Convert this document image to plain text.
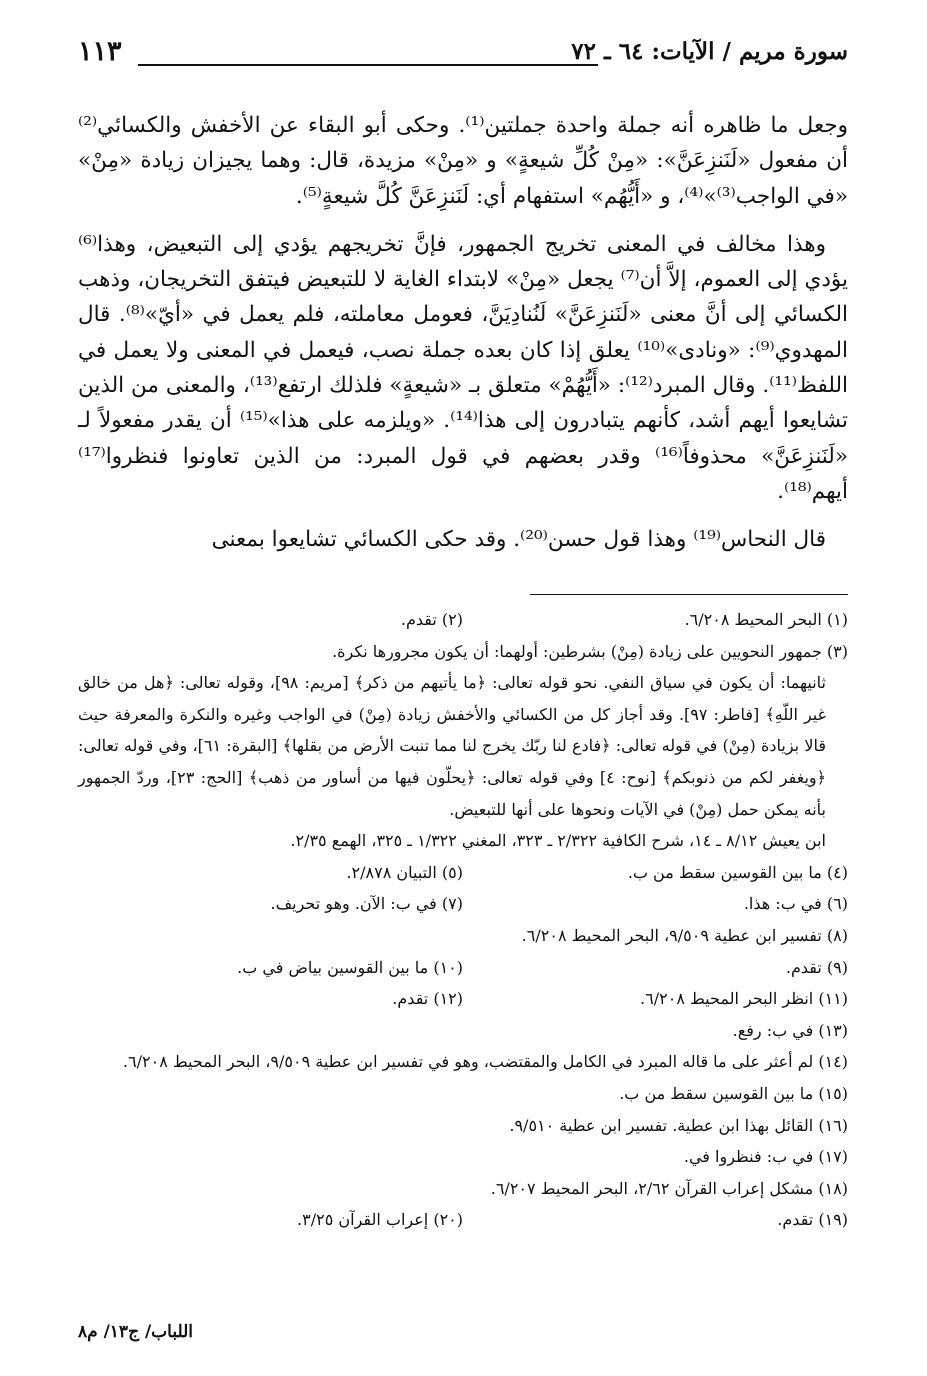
سورة مريم / الآيات: ٦٤ ـ ٧٢
١١٣

وجعل ما ظاهره أنه جملة واحدة جملتين⁽¹⁾. وحكى أبو البقاء عن الأخفش والكسائي⁽²⁾ أن مفعول «لَنَنزِعَنَّ»: «مِنْ كُلِّ شيعةٍ» و «مِنْ» مزيدة، قال: وهما يجيزان زيادة «مِنْ» «في الواجب⁽³⁾»⁽⁴⁾، و «أَيُّهُم» استفهام أي: لَنَنزِعَنَّ كُلَّ شيعةٍ⁽⁵⁾.

وهذا مخالف في المعنى تخريج الجمهور، فإنَّ تخريجهم يؤدي إلى التبعيض، وهذا⁽⁶⁾ يؤدي إلى العموم، إلاَّ أن⁽⁷⁾ يجعل «مِنْ» لابتداء الغاية لا للتبعيض فيتفق التخريجان، وذهب الكسائي إلى أنَّ معنى «لَنَنزِعَنَّ» لَنُنادِيَنَّ، فعومل معاملته، فلم يعمل في «أيّ»⁽⁸⁾. قال المهدوي⁽⁹⁾: «ونادى»⁽¹⁰⁾ يعلق إذا كان بعده جملة نصب، فيعمل في المعنى ولا يعمل في اللفظ⁽¹¹⁾. وقال المبرد⁽¹²⁾: «أَيُّهُمْ» متعلق بـ «شيعةٍ» فلذلك ارتفع⁽¹³⁾، والمعنى من الذين تشايعوا أيهم أشد، كأنهم يتبادرون إلى هذا⁽¹⁴⁾. «ويلزمه على هذا»⁽¹⁵⁾ أن يقدر مفعولاً لـ «لَنَنزِعَنَّ» محذوفاً⁽¹⁶⁾ وقدر بعضهم في قول المبرد: من الذين تعاونوا فنظروا⁽¹⁷⁾ أيهم⁽¹⁸⁾.

قال النحاس⁽¹⁹⁾ وهذا قول حسن⁽²⁰⁾. وقد حكى الكسائي تشايعوا بمعنى

(١) البحر المحيط ٦/٢٠٨.
(٢) تقدم.
(٣) جمهور النحويين على زيادة (مِنْ) بشرطين: أولهما: أن يكون مجرورها نكرة.
ثانيهما: أن يكون في سياق النفي. نحو قوله تعالى: ﴿ما يأتيهم من ذكر﴾ [مريم: ٩٨]، وقوله تعالى: ﴿هل من خالق غير اللّهِ﴾ [فاطر: ٩٧]. وقد أجاز كل من الكسائي والأخفش زيادة (مِنْ) في الواجب وغيره والنكرة والمعرفة حيث قالا بزيادة (مِنْ) في قوله تعالى: ﴿فادع لنا ربّك يخرج لنا مما تنبت الأرض من بقلها﴾ [البقرة: ٦١]، وفي قوله تعالى: ﴿ويغفر لكم من ذنوبكم﴾ [نوح: ٤] وفي قوله تعالى: ﴿يحلّون فيها من أساور من ذهب﴾ [الحج: ٢٣]، وردّ الجمهور بأنه يمكن حمل (مِنْ) في الآيات ونحوها على أنها للتبعيض.
ابن يعيش ٨/١٢ ـ ١٤، شرح الكافية ٢/٣٢٢ ـ ٣٢٣، المغني ١/٣٢٢ ـ ٣٢٥، الهمع ٢/٣٥.
(٤) ما بين القوسين سقط من ب.
(٥) التبيان ٢/٨٧٨.
(٦) في ب: هذا.
(٧) في ب: الآن. وهو تحريف.
(٨) تفسير ابن عطية ٩/٥٠٩، البحر المحيط ٦/٢٠٨.
(٩) تقدم.
(١٠) ما بين القوسين بياض في ب.
(١١) انظر البحر المحيط ٦/٢٠٨.
(١٢) تقدم.
(١٣) في ب: رفع.
(١٤) لم أعثر على ما قاله المبرد في الكامل والمقتضب، وهو في تفسير ابن عطية ٩/٥٠٩، البحر المحيط ٦/٢٠٨.
(١٥) ما بين القوسين سقط من ب.
(١٦) القائل بهذا ابن عطية. تفسير ابن عطية ٩/٥١٠.
(١٧) في ب: فنظروا في.
(١٨) مشكل إعراب القرآن ٢/٦٢، البحر المحيط ٦/٢٠٧.
(١٩) تقدم.
(٢٠) إعراب القرآن ٣/٢٥.
اللباب/ ج١٣/ م٨
